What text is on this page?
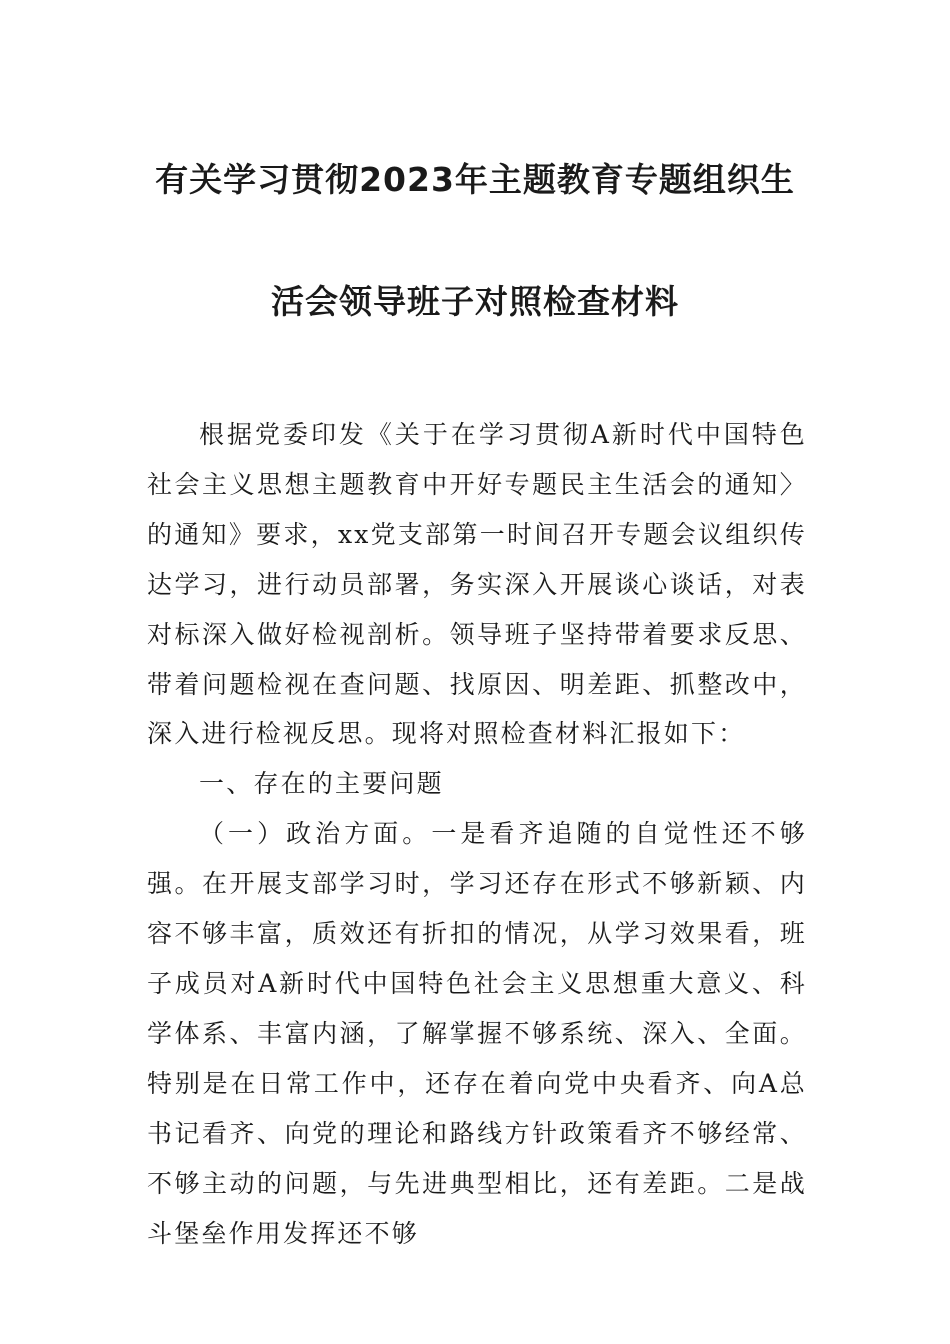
有关学习贯彻2023年主题教育专题组织生
活会领导班子对照检查材料

根据党委印发《关于在学习贯彻A新时代中国特色社会主义思想主题教育中开好专题民主生活会的通知〉的通知》要求，xx党支部第一时间召开专题会议组织传达学习，进行动员部署，务实深入开展谈心谈话，对表对标深入做好检视剖析。领导班子坚持带着要求反思、带着问题检视在查问题、找原因、明差距、抓整改中，深入进行检视反思。现将对照检查材料汇报如下：

一、存在的主要问题

（一）政治方面。一是看齐追随的自觉性还不够强。在开展支部学习时，学习还存在形式不够新颖、内容不够丰富，质效还有折扣的情况，从学习效果看，班子成员对A新时代中国特色社会主义思想重大意义、科学体系、丰富内涵，了解掌握不够系统、深入、全面。特别是在日常工作中，还存在着向党中央看齐、向A总书记看齐、向党的理论和路线方针政策看齐不够经常、不够主动的问题，与先进典型相比，还有差距。二是战斗堡垒作用发挥还不够
